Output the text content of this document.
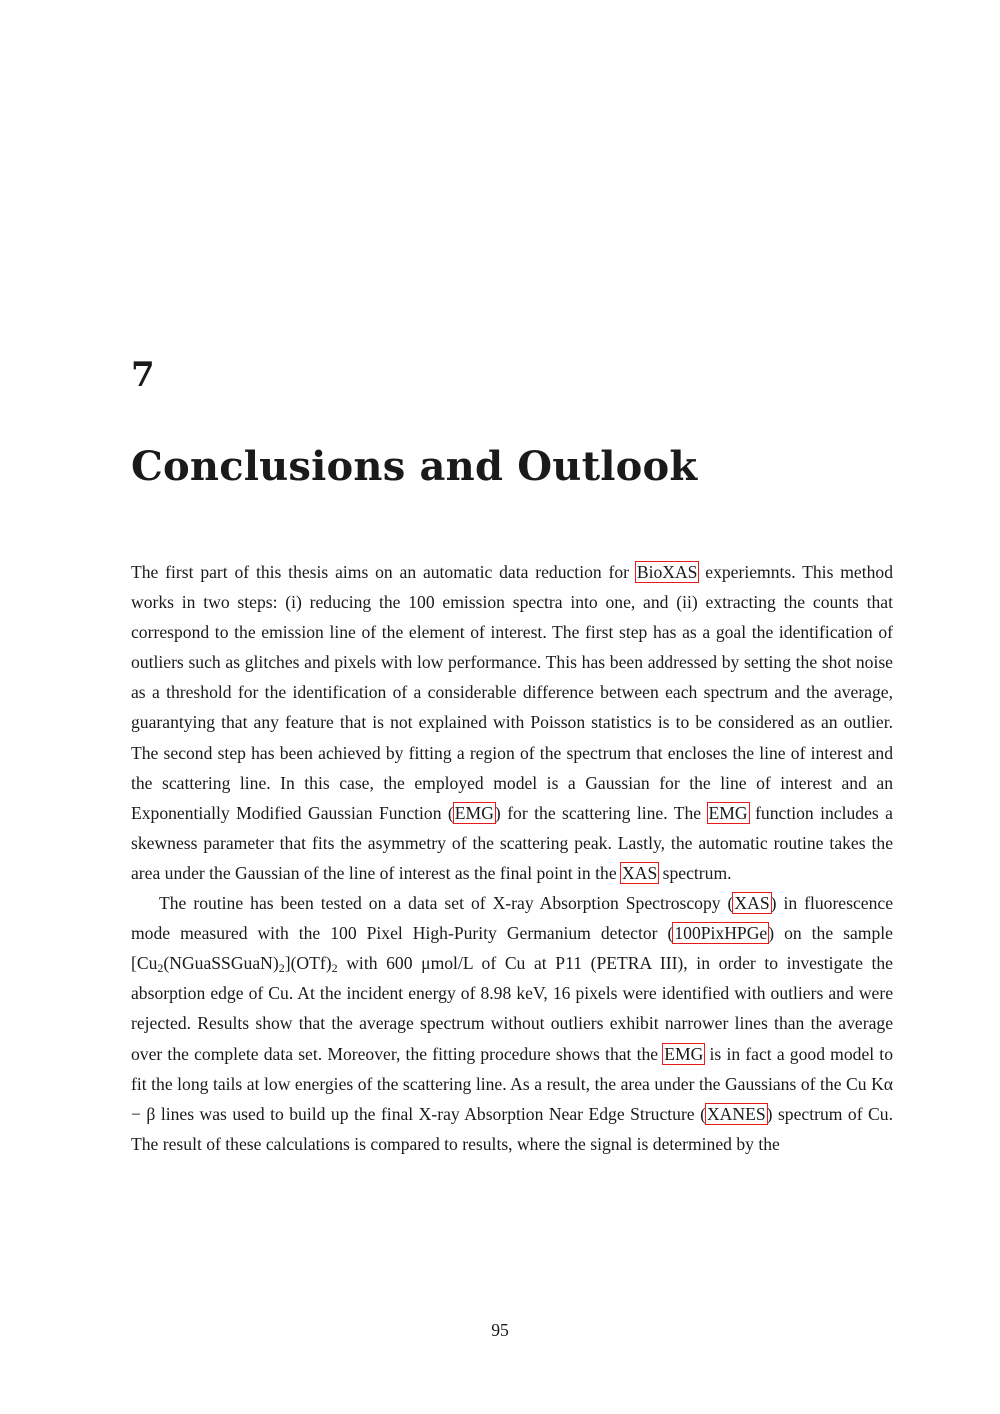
7
Conclusions and Outlook

The first part of this thesis aims on an automatic data reduction for BioXAS experiemnts. This method works in two steps: (i) reducing the 100 emission spectra into one, and (ii) extracting the counts that correspond to the emission line of the element of interest. The first step has as a goal the identification of outliers such as glitches and pixels with low performance. This has been addressed by setting the shot noise as a threshold for the identification of a considerable difference between each spectrum and the average, guarantying that any feature that is not explained with Poisson statistics is to be considered as an outlier. The second step has been achieved by fitting a region of the spectrum that encloses the line of interest and the scattering line. In this case, the employed model is a Gaussian for the line of interest and an Exponentially Modified Gaussian Function (EMG) for the scattering line. The EMG function includes a skewness parameter that fits the asymmetry of the scattering peak. Lastly, the automatic routine takes the area under the Gaussian of the line of interest as the final point in the XAS spectrum.

The routine has been tested on a data set of X-ray Absorption Spectroscopy (XAS) in fluorescence mode measured with the 100 Pixel High-Purity Germanium detector (100PixHPGe) on the sample $[Cu_2(NGuaSSGuaN)_2](OTf)_2$ with 600 μmol/L of Cu at P11 (PETRA III), in order to investigate the absorption edge of Cu. At the incident energy of 8.98 keV, 16 pixels were identified with outliers and were rejected. Results show that the average spectrum without outliers exhibit narrower lines than the average over the complete data set. Moreover, the fitting procedure shows that the EMG is in fact a good model to fit the long tails at low energies of the scattering line. As a result, the area under the Gaussians of the Cu Kα − β lines was used to build up the final X-ray Absorption Near Edge Structure (XANES) spectrum of Cu. The result of these calculations is compared to results, where the signal is determined by the

95
